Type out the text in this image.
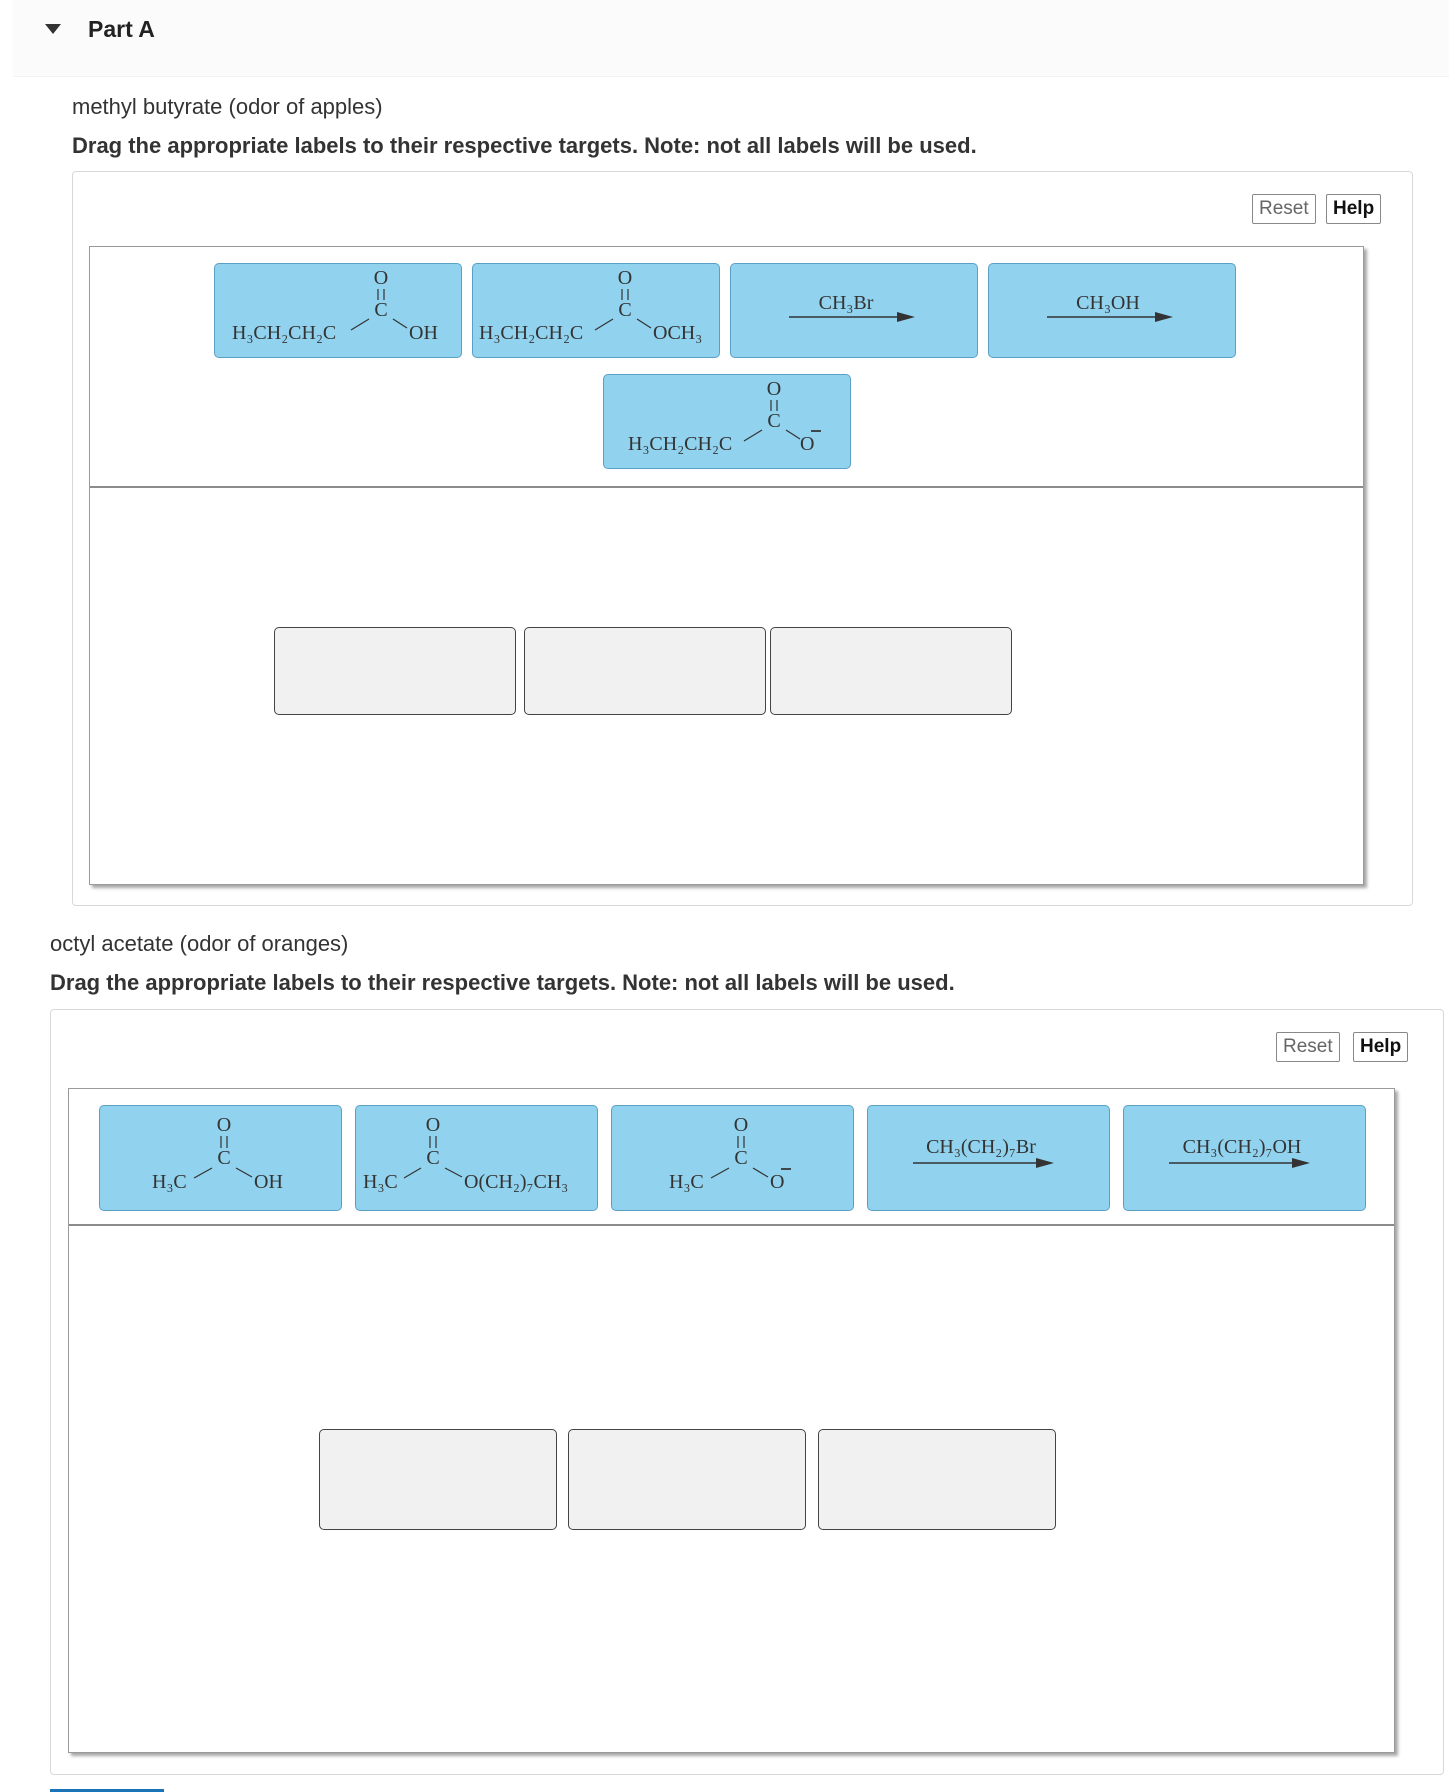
Part A
methyl butyrate (odor of apples)
Drag the appropriate labels to their respective targets. Note: not all labels will be used.
Reset	Help
O
C
H₃CH₂CH₂C	OH
O
C
H₃CH₂CH₂C	OCH₃
CH₃Br	CH₃OH
O
C
H₃CH₂CH₂C	O
octyl acetate (odor of oranges)
Drag the appropriate labels to their respective targets. Note: not all labels will be used.
Reset	Help
O
C
H₃C	OH
O
C
H₃C	O(CH₂)₇CH₃
O
C
H₃C	O
CH₃(CH₂)₇Br	CH₃(CH₂)₇OH
